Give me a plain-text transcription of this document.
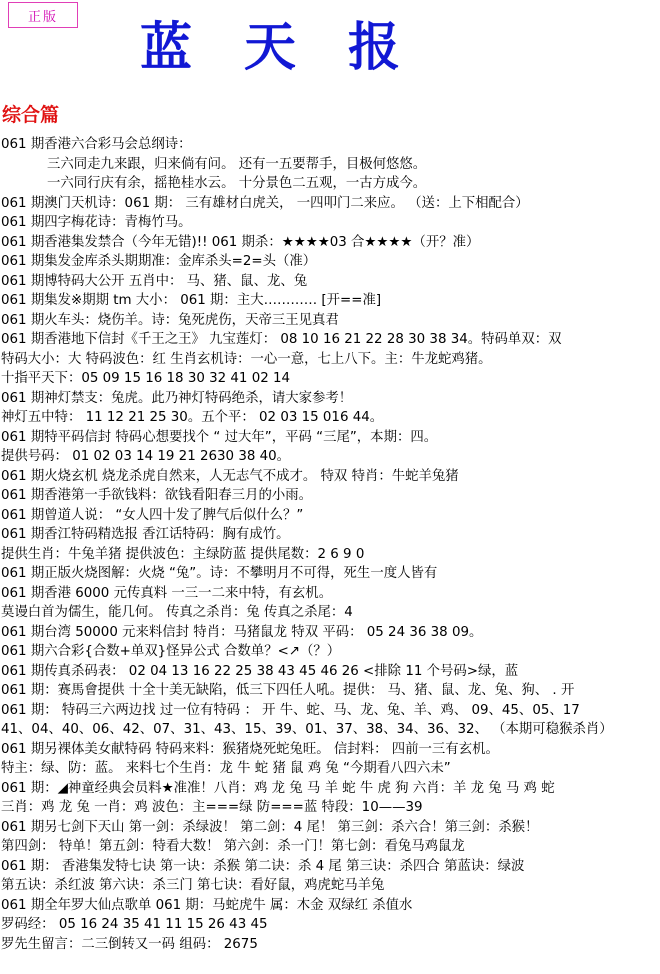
正版	蓝天报
综合篇
061 期香港六合彩马会总纲诗：
三六同走九来跟，归来倘有问。 还有一五要帮手，目极何悠悠。
一六同行庆有余，摇艳桂水云。 十分景色二五观，一古方成今。
061 期澳门天机诗：061 期： 三有雄材白虎关， 一四叩门二来应。 （送：上下相配合）
061 期四字梅花诗：青梅竹马。
061 期香港集发禁合（今年无错)!! 061 期杀：★★★★03 合★★★★（开？准）
061 期集发金库杀头期期准：金库杀头=2=头（准）
061 期博特码大公开 五肖中： 马、猪、鼠、龙、兔
061 期集发※期期 tm 大小： 061 期：主大………… [开==准]
061 期火车头：烧伤羊。诗：兔死虎伤，天帝三王见真君
061 期香港地下信封《千王之王》 九宝莲灯： 08 10 16 21 22 28 30 38 34。特码单双：双
特码大小：大 特码波色：红 生肖玄机诗：一心一意，七上八下。主：牛龙蛇鸡猪。
十指平天下：05 09 15 16 18 30 32 41 02 14
061 期神灯禁支：兔虎。此乃神灯特码绝杀，请大家参考！
神灯五中特： 11 12 21 25 30。五个平： 02 03 15 016 44。
061 期特平码信封 特码心想要找个 “ 过大年”，平码 “三尾”，本期：四。
提供号码： 01 02 03 14 19 21 2630 38 40。
061 期火烧玄机 烧龙杀虎自然来，人无志气不成才。 特双 特肖：牛蛇羊兔猪
061 期香港第一手欲钱料：欲钱看阳春三月的小雨。
061 期曾道人说： “女人四十发了脾气后似什么？”
061 期香江特码精选报 香江话特码：胸有成竹。
提供生肖：牛兔羊猪 提供波色：主绿防蓝 提供尾数：2 6 9 0
061 期正版火烧图解：火烧 “兔”。诗：不攀明月不可得，死生一度人皆有
061 期香港 6000 元传真料 一三一二来中特，有玄机。
莫谩白首为儒生，能几何。 传真之杀肖：兔 传真之杀尾：4
061 期台湾 50000 元来料信封 特肖：马猪鼠龙 特双 平码： 05 24 36 38 09。
061 期六合彩{合数+单双}怪异公式 合数单？<↗（？）
061 期传真杀码表： 02 04 13 16 22 25 38 43 45 46 26 <排除 11 个号码>绿，蓝
061 期：赛馬會提供 十全十美无缺陷，低三下四任人吼。提供： 马、猪、鼠、龙、兔、狗、 . 开
061 期： 特码三六两边找 过一位有特码 ： 开 牛、蛇、马、龙、兔、羊、鸡、 09、45、05、17
41、04、40、06、42、07、31、43、15、39、01、37、38、34、36、32、 （本期可稳猴杀肖）
061 期另裸体美女献特码 特码来料：猴猪烧死蛇兔旺。 信封料： 四前一三有玄机。
特主：绿、防：蓝。 来料七个生肖：龙 牛 蛇 猪 鼠 鸡 兔 “今期看八四六未”
061 期：◢神童经典会员料★准准！八肖：鸡 龙 兔 马 羊 蛇 牛 虎 狗 六肖：羊 龙 兔 马 鸡 蛇
三肖：鸡 龙 兔 一肖：鸡 波色：主===绿 防===蓝 特段：10——39
061 期另七剑下天山 第一剑：杀绿波！ 第二剑：4 尾！ 第三剑：杀六合！第三剑：杀猴！
第四剑： 特单！第五剑：特看大数！ 第六剑：杀一门！第七剑：看兔马鸡鼠龙
061 期： 香港集发特七诀 第一诀：杀猴 第二诀：杀 4 尾 第三诀：杀四合 第蓝诀：绿波
第五诀：杀红波 第六诀：杀三门 第七诀：看好鼠，鸡虎蛇马羊兔
061 期全年罗大仙点歌单 061 期：马蛇虎牛 属：木金 双绿红 杀值水
罗码经： 05 16 24 35 41 11 15 26 43 45
罗先生留言：二三倒转又一码 组码： 2675
